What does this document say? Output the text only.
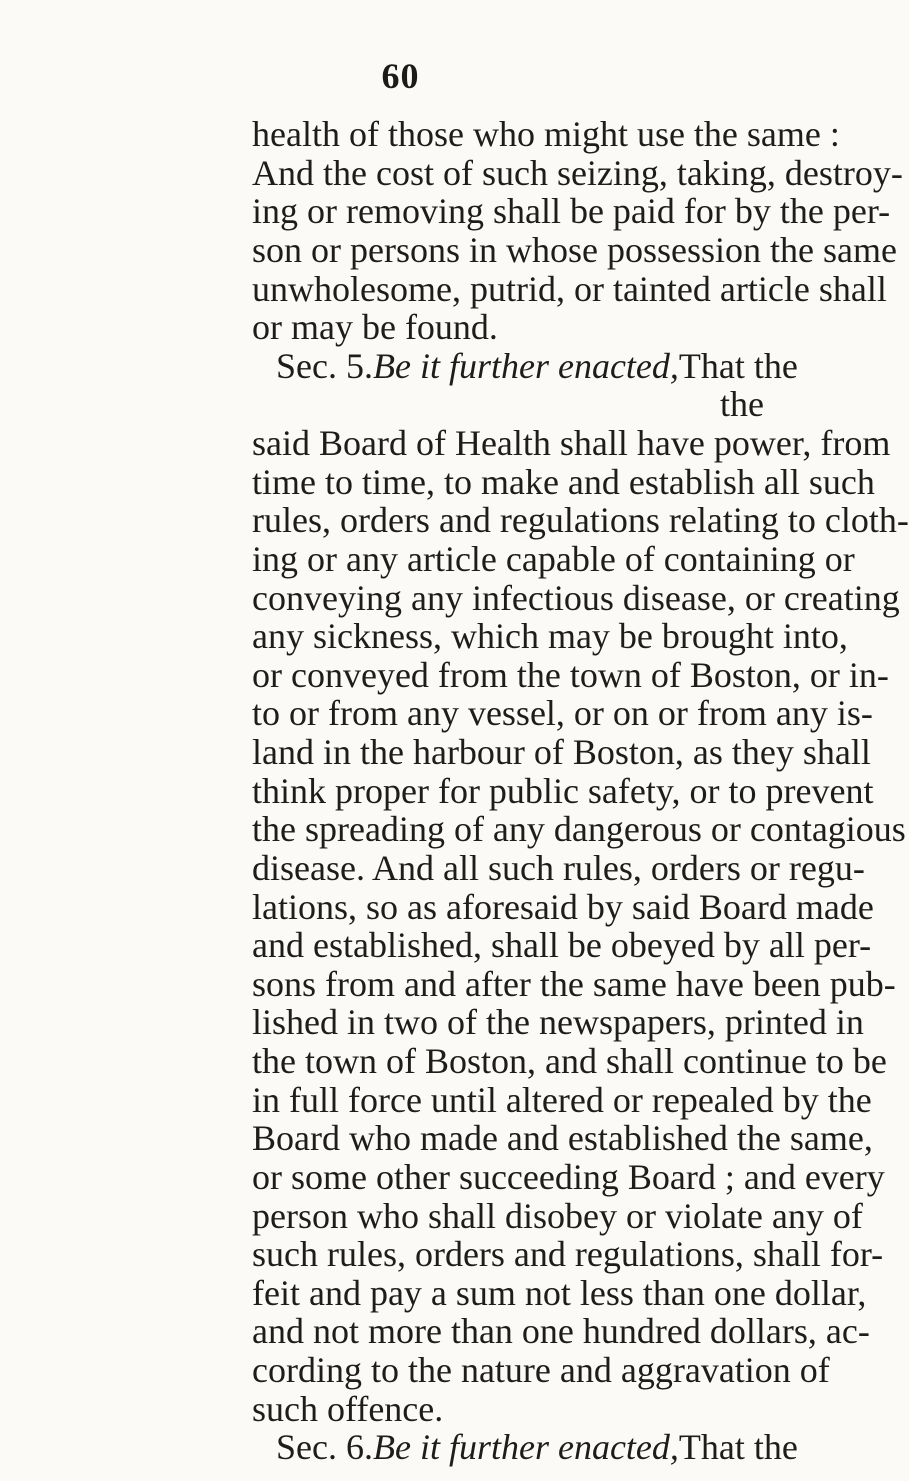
60
health of those who might use the same :
And the cost of such seizing, taking, destroy-
ing or removing shall be paid for by the per-
son or persons in whose possession the same
unwholesome, putrid, or tainted article shall
or may be found.
Sec. 5. Be it further enacted, That the
the
said Board of Health shall have power, from
time to time, to make and establish all such
rules, orders and regulations relating to cloth-
ing or any article capable of containing or
conveying any infectious disease, or creating
any sickness, which may be brought into,
or conveyed from the town of Boston, or in-
to or from any vessel, or on or from any is-
land in the harbour of Boston, as they shall
think proper for public safety, or to prevent
the spreading of any dangerous or contagious
disease. And all such rules, orders or regu-
lations, so as aforesaid by said Board made
and established, shall be obeyed by all per-
sons from and after the same have been pub-
lished in two of the newspapers, printed in
the town of Boston, and shall continue to be
in full force until altered or repealed by the
Board who made and established the same,
or some other succeeding Board ; and every
person who shall disobey or violate any of
such rules, orders and regulations, shall for-
feit and pay a sum not less than one dollar,
and not more than one hundred dollars, ac-
cording to the nature and aggravation of
such offence.
Sec. 6. Be it further enacted, That the
